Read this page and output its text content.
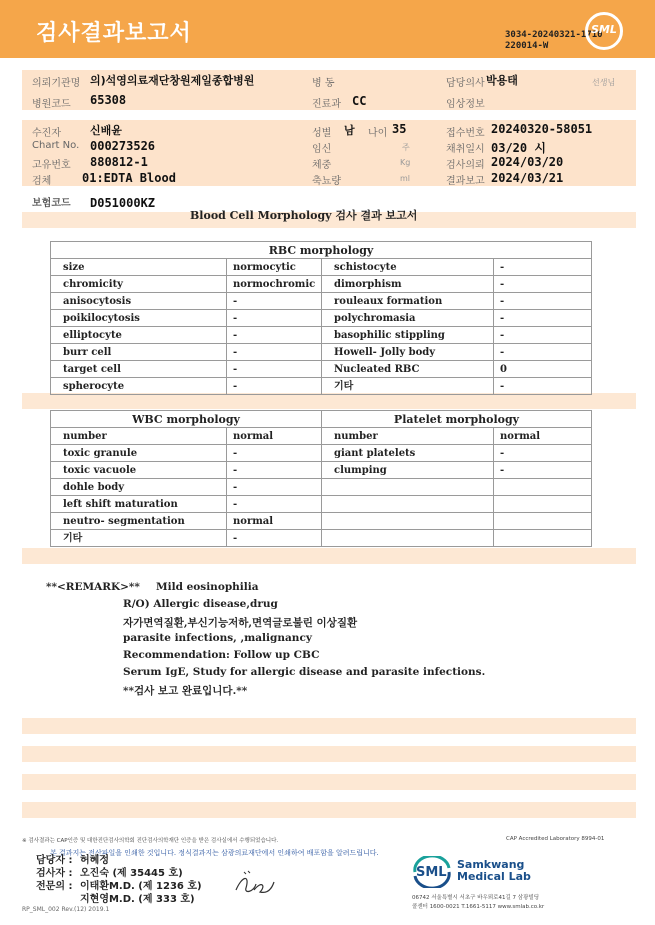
검사결과보고서	3034-20240321-1710
220014-W
SML
의뢰기관명 의)석영의료재단창원제일종합병원	병 동	담당의사 박용태	선생님
병원코드 65308	진료과 CC	임상정보
수진자	신배윤	성별 남 나이 35	접수번호 20240320-58051
Chart No. 000273526	임신	주	채취일시 03/20 시
고유번호 880812-1	체중	Kg	검사의뢰 2024/03/20
검체	01:EDTA Blood	축뇨량	ml	결과보고 2024/03/21
보험코드 D051000KZ
Blood Cell Morphology 검사 결과 보고서
RBC morphology			
size	normocytic	schistocyte	-
chromicity	normochromic	dimorphism	-
anisocytosis	-	rouleaux formation	-
poikilocytosis	-	polychromasia	-
elliptocyte	-	basophilic stippling	-
burr cell	-	Howell- Jolly body	-
target cell	-	Nucleated RBC	0
spherocyte	-	기타	-
WBC morphology		Platelet morphology	
number	normal	number	normal
toxic granule	-	giant platelets	-
toxic vacuole	-	clumping	-
dohle body	-		
left shift maturation	-		
neutro- segmentation	normal		
기타	-		
**<REMARK>** Mild eosinophilia
R/O) Allergic disease,drug
자가면역질환,부신기능저하,면역글로불린 이상질환
parasite infections, ,malignancy
Recommendation: Follow up CBC
Serum IgE, Study for allergic disease and parasite infections.
**검사 보고 완료입니다.**
※ 검사결과는 CAP인증 및 대한진단검사의학회 진단검사의학재단 인증을 받은 검사실에서 수행되었습니다.	CAP Accredited Laboratory 8994-01
본 결과지는 전산파일을 인쇄한 것입니다. 정식결과지는 삼광의료재단에서 인쇄하여 배포함을 알려드립니다.
담당자 : 허혜정
검사자 : 오진숙 (제 35445 호)
전문의 : 이태환M.D. (제 1236 호)
지현영M.D. (제 333 호)
SML
Samkwang
Medical Lab
06742 서울특별시 서초구 바우뫼로41길 7 삼광빌딩
콜센터 1600-0021 T.1661-5117 www.smlab.co.kr
RP_SML_002 Rev.(12) 2019.1
